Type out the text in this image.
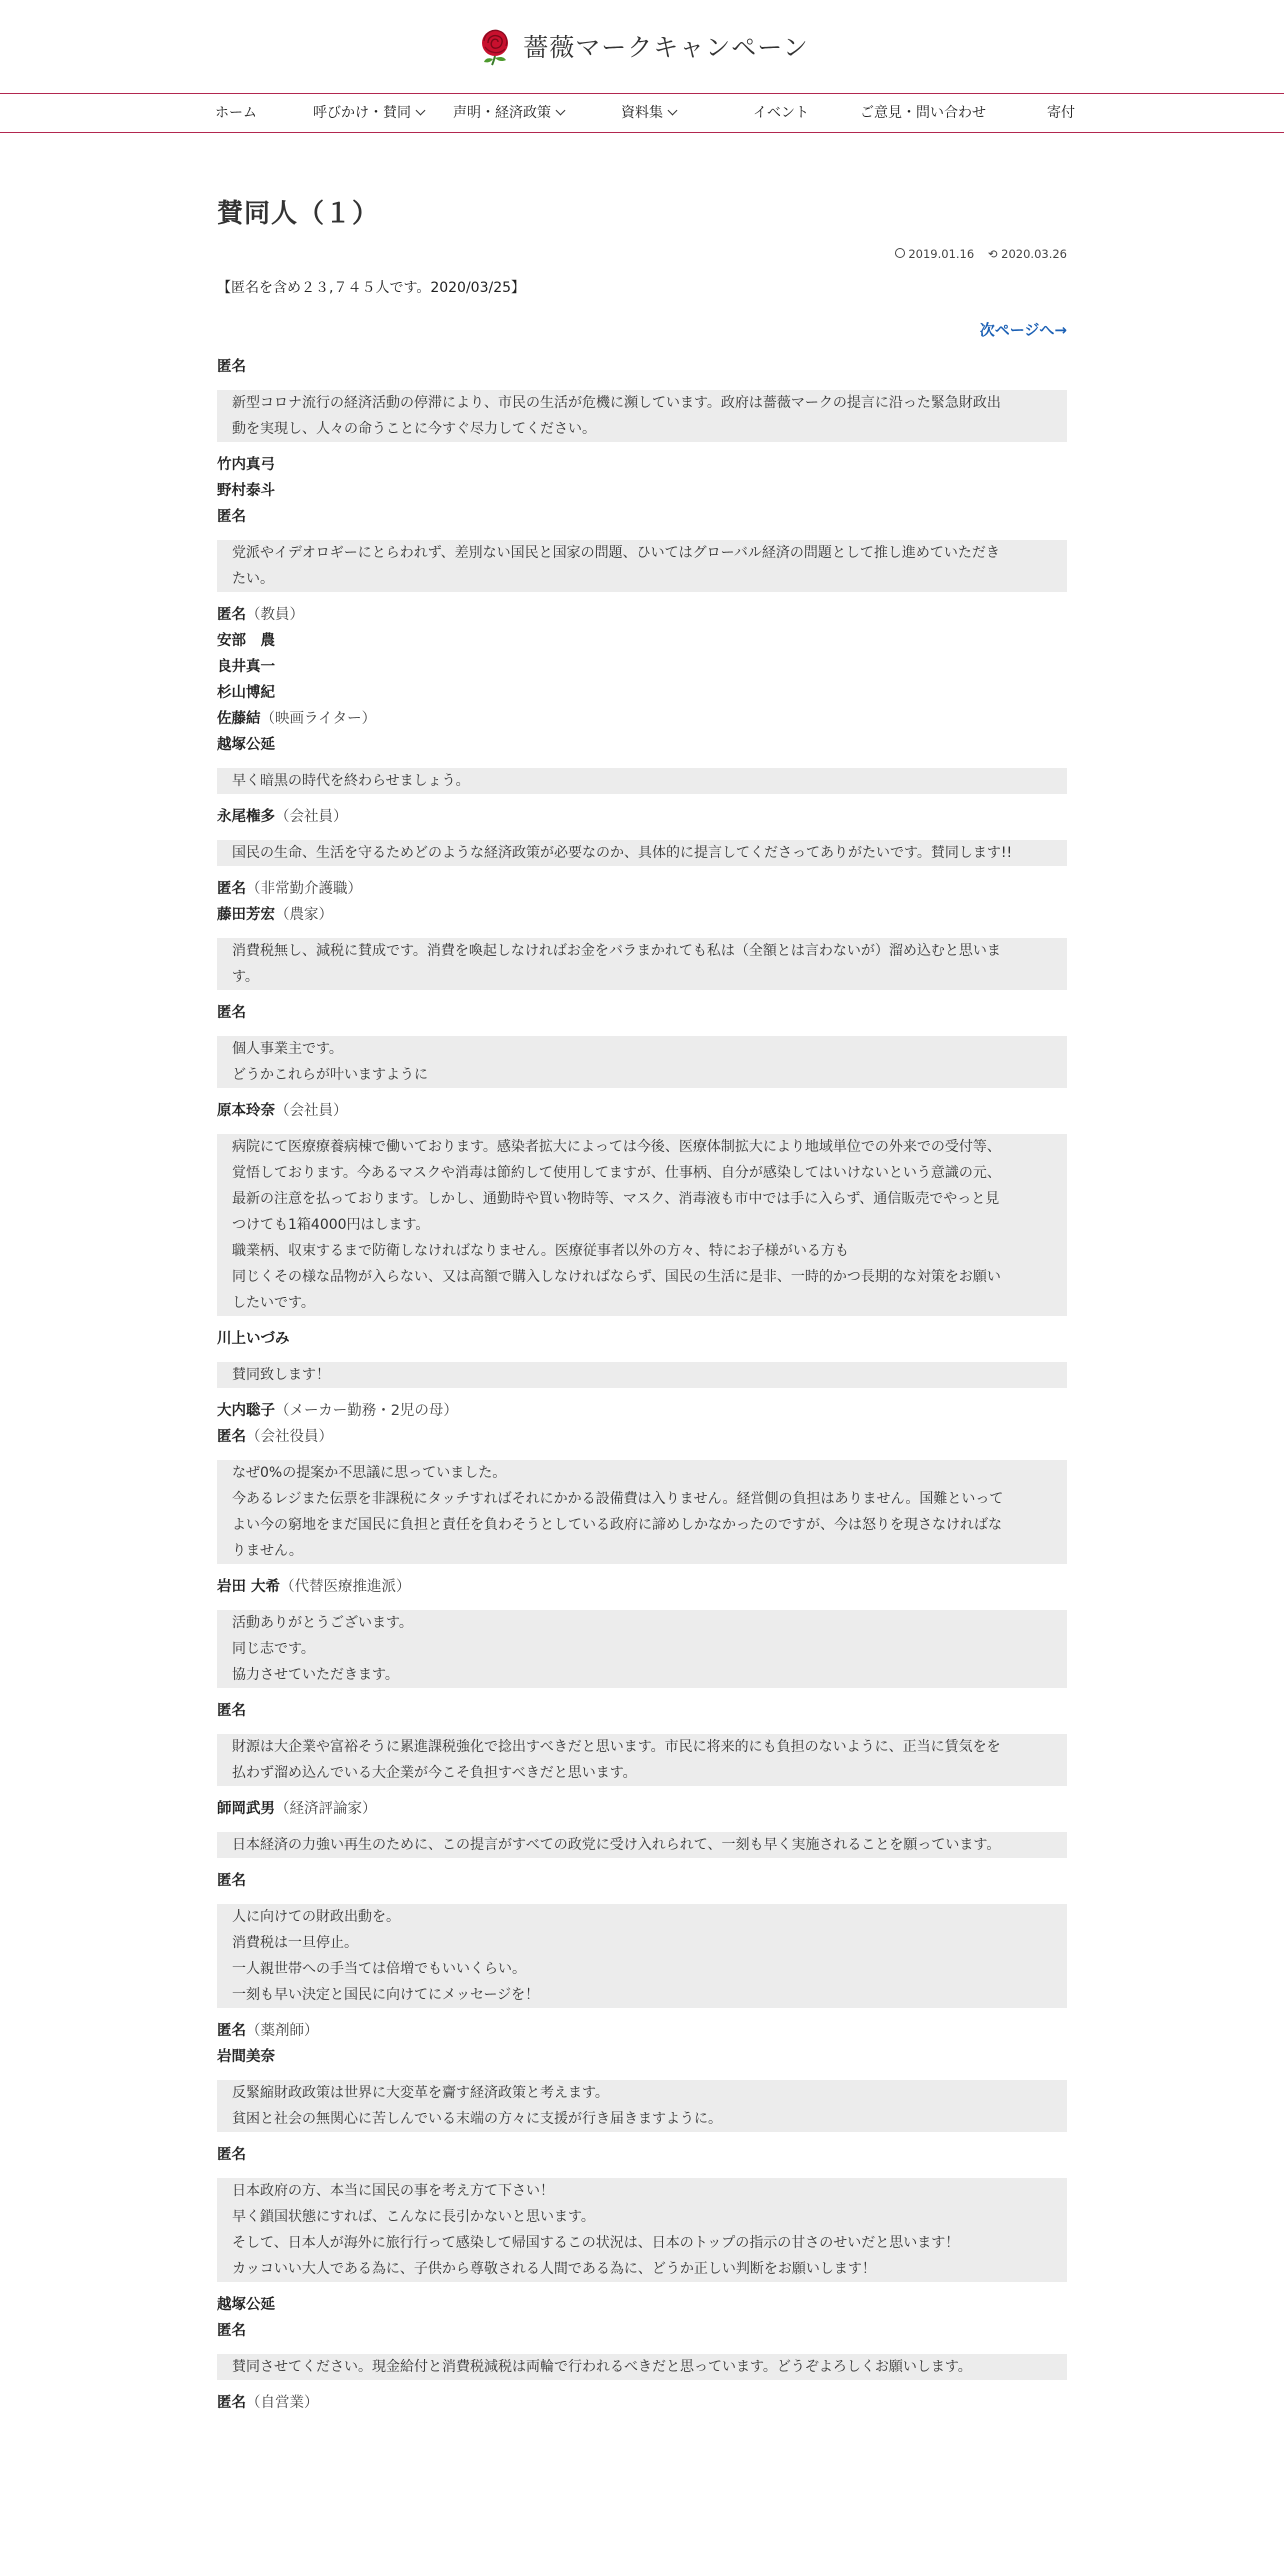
薔薇マークキャンペーン
ホーム	呼びかけ・賛同	声明・経済政策	資料集	イベント	ご意見・問い合わせ	寄付
賛同人（１）
2019.01.16 ⟲ 2020.03.26
【匿名を含め２３,７４５人です。2020/03/25】
次ページへ→
匿名
新型コロナ流行の経済活動の停滞により、市民の生活が危機に瀕しています。政府は薔薇マークの提言に沿った緊急財政出
動を実現し、人々の命うことに今すぐ尽力してください。
竹内真弓
野村泰斗
匿名
党派やイデオロギーにとらわれず、差別ない国民と国家の問題、ひいてはグローバル経済の問題として推し進めていただき
たい。
匿名（教員）
安部　農
良井真一
杉山博紀
佐藤結（映画ライター）
越塚公延
早く暗黒の時代を終わらせましょう。
永尾権多（会社員）
国民の生命、生活を守るためどのような経済政策が必要なのか、具体的に提言してくださってありがたいです。賛同します!!
匿名（非常勤介護職）
藤田芳宏（農家）
消費税無し、減税に賛成です。消費を喚起しなければお金をバラまかれても私は（全額とは言わないが）溜め込むと思いま
す。
匿名
個人事業主です。
どうかこれらが叶いますように
原本玲奈（会社員）
病院にて医療療養病棟で働いております。感染者拡大によっては今後、医療体制拡大により地域単位での外来での受付等、
覚悟しております。今あるマスクや消毒は節約して使用してますが、仕事柄、自分が感染してはいけないという意識の元、
最新の注意を払っております。しかし、通勤時や買い物時等、マスク、消毒液も市中では手に入らず、通信販売でやっと見
つけても1箱4000円はします。
職業柄、収束するまで防衛しなければなりません。医療従事者以外の方々、特にお子様がいる方も
同じくその様な品物が入らない、又は高額で購入しなければならず、国民の生活に是非、一時的かつ長期的な対策をお願い
したいです。
川上いづみ
賛同致します！
大内聡子（メーカー勤務・2児の母）
匿名（会社役員）
なぜ0%の提案か不思議に思っていました。
今あるレジまた伝票を非課税にタッチすればそれにかかる設備費は入りません。経営側の負担はありません。国難といって
よい今の窮地をまだ国民に負担と責任を負わそうとしている政府に諦めしかなかったのですが、今は怒りを現さなければな
りません。
岩田 大希（代替医療推進派）
活動ありがとうございます。
同じ志です。
協力させていただきます。
匿名
財源は大企業や富裕そうに累進課税強化で捻出すべきだと思います。市民に将来的にも負担のないように、正当に賃気をを
払わず溜め込んでいる大企業が今こそ負担すべきだと思います。
師岡武男（経済評論家）
日本経済の力強い再生のために、この提言がすべての政党に受け入れられて、一刻も早く実施されることを願っています。
匿名
人に向けての財政出動を。
消費税は一旦停止。
一人親世帯への手当ては倍増でもいいくらい。
一刻も早い決定と国民に向けてにメッセージを！
匿名（薬剤師）
岩間美奈
反緊縮財政政策は世界に大変革を齎す経済政策と考えます。
貧困と社会の無関心に苦しんでいる末端の方々に支援が行き届きますように。
匿名
日本政府の方、本当に国民の事を考え方て下さい！
早く鎖国状態にすれば、こんなに長引かないと思います。
そして、日本人が海外に旅行行って感染して帰国するこの状況は、日本のトップの指示の甘さのせいだと思います！
カッコいい大人である為に、子供から尊敬される人間である為に、どうか正しい判断をお願いします！
越塚公延
匿名
賛同させてください。現金給付と消費税減税は両輪で行われるべきだと思っています。どうぞよろしくお願いします。
匿名（自営業）
